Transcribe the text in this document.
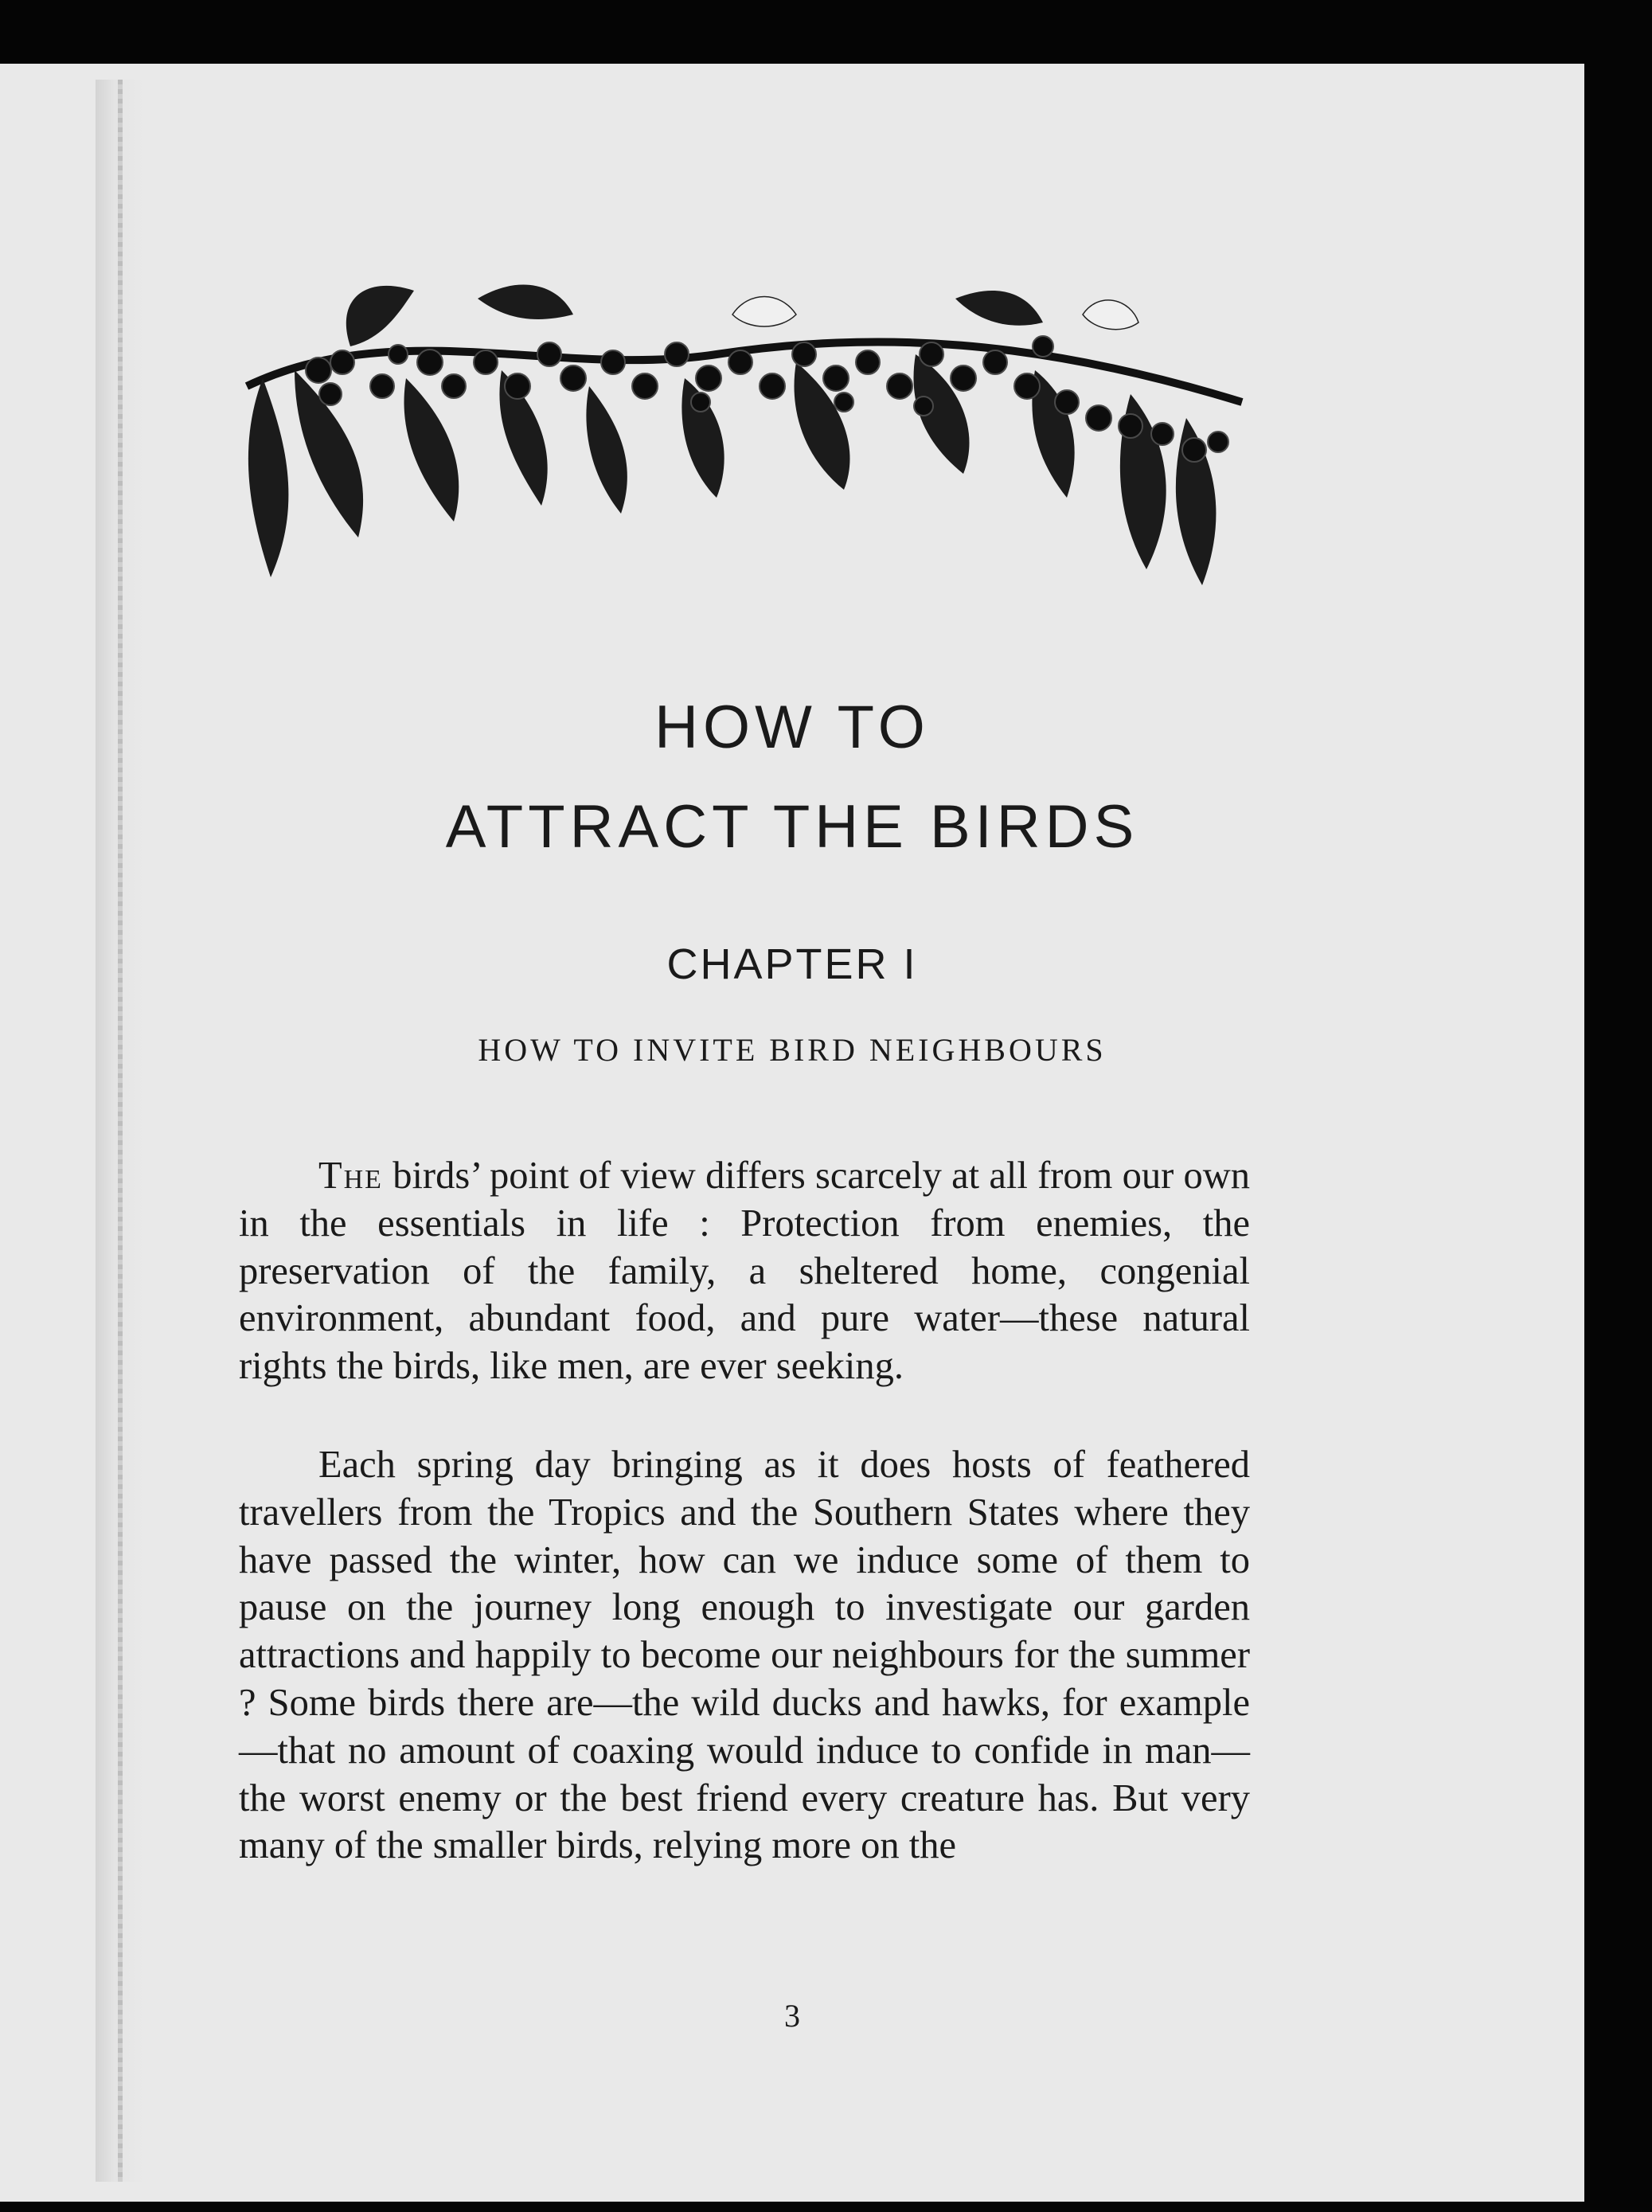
HOW TO
ATTRACT THE BIRDS
CHAPTER I
HOW TO INVITE BIRD NEIGHBOURS

The birds’ point of view differs scarcely at all from our own in the essentials in life : Protection from enemies, the preservation of the family, a sheltered home, congenial environment, abundant food, and pure water—these natural rights the birds, like men, are ever seeking.

Each spring day bringing as it does hosts of feathered travellers from the Tropics and the Southern States where they have passed the winter, how can we induce some of them to pause on the journey long enough to investigate our garden attractions and happily to become our neighbours for the summer ? Some birds there are—the wild ducks and hawks, for example—that no amount of coaxing would induce to confide in man—the worst enemy or the best friend every creature has. But very many of the smaller birds, relying more on the

3
